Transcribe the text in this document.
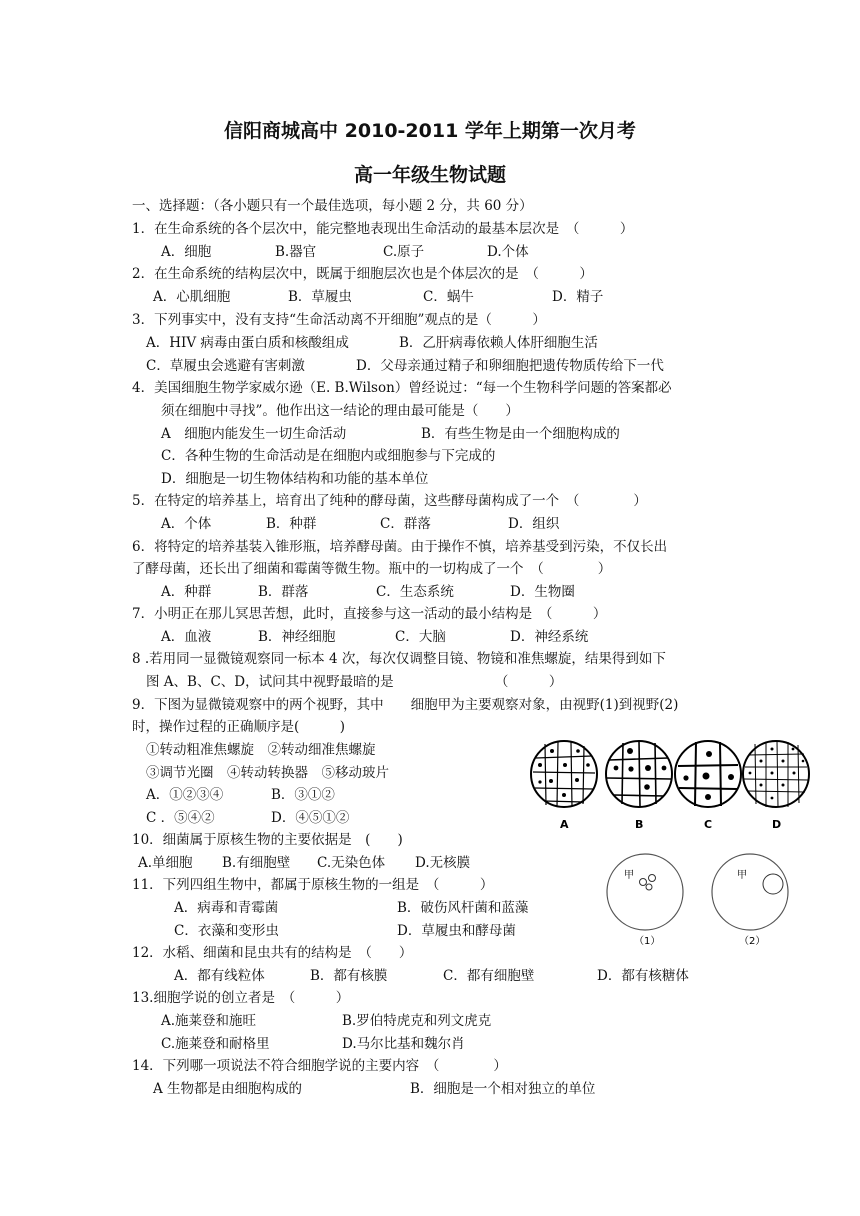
信阳商城高中 2010-2011 学年上期第一次月考
高一年级生物试题
一、选择题：（各小题只有一个最佳选项，每小题 2 分，共 60 分）
1．在生命系统的各个层次中，能完整地表现出生命活动的最基本层次是　（　　　）
A．细胞	B.器官	C.原子	D.个体
2．在生命系统的结构层次中，既属于细胞层次也是个体层次的是　（　　　）
A．心肌细胞	B．草履虫	C．蜗牛	D．精子
3．下列事实中，没有支持“生命活动离不开细胞”观点的是（　　　）
A．HIV 病毒由蛋白质和核酸组成	B．乙肝病毒依赖人体肝细胞生活
C．草履虫会逃避有害刺激	D．父母亲通过精子和卵细胞把遗传物质传给下一代
4．美国细胞生物学家威尔逊（E. B.Wilson）曾经说过：“每一个生物科学问题的答案都必
须在细胞中寻找”。他作出这一结论的理由最可能是（　　）
A　细胞内能发生一切生命活动	B．有些生物是由一个细胞构成的
C．各种生物的生命活动是在细胞内或细胞参与下完成的
D．细胞是一切生物体结构和功能的基本单位
5．在特定的培养基上，培育出了纯种的酵母菌，这些酵母菌构成了一个　（　　　　）
A．个体	B．种群	C．群落	D．组织
6．将特定的培养基装入锥形瓶，培养酵母菌。由于操作不慎，培养基受到污染，不仅长出
了酵母菌，还长出了细菌和霉菌等微生物。瓶中的一切构成了一个　（　　　　）
A．种群	B．群落	C．生态系统	D．生物圈
7．小明正在那儿冥思苦想，此时，直接参与这一活动的最小结构是　（　　　）
A．血液	B．神经细胞	C．大脑	D．神经系统
8 .若用同一显微镜观察同一标本 4 次，每次仅调整目镜、物镜和准焦螺旋，结果得到如下
图 A、B、C、D，试问其中视野最暗的是　　　　　　　　（　　　）
9．下图为显微镜观察中的两个视野，其中　　细胞甲为主要观察对象，由视野(1)到视野(2)
时，操作过程的正确顺序是(　　　)
①转动粗准焦螺旋　②转动细准焦螺旋
③调节光圈　④转动转换器　⑤移动玻片
A．①②③④	B．③①②
C ．⑤④②	D．④⑤①②
10．细菌属于原核生物的主要依据是　(　　)
A.单细胞 B.有细胞壁 C.无染色体 D.无核膜
11．下列四组生物中，都属于原核生物的一组是　（　　　）
A．病毒和青霉菌	B．破伤风杆菌和蓝藻
C．衣藻和变形虫	D．草履虫和酵母菌
12．水稻、细菌和昆虫共有的结构是　（　　）
A．都有线粒体	B．都有核膜	C．都有细胞壁	D．都有核糖体
13.细胞学说的创立者是　（　　　）
A.施莱登和施旺	B.罗伯特虎克和列文虎克
C.施莱登和耐格里	D.马尔比基和魏尔肖
14．下列哪一项说法不符合细胞学说的主要内容　（　　　　）
A 生物都是由细胞构成的	B．细胞是一个相对独立的单位
A	B	C	D
甲	甲
（1）	（2）
